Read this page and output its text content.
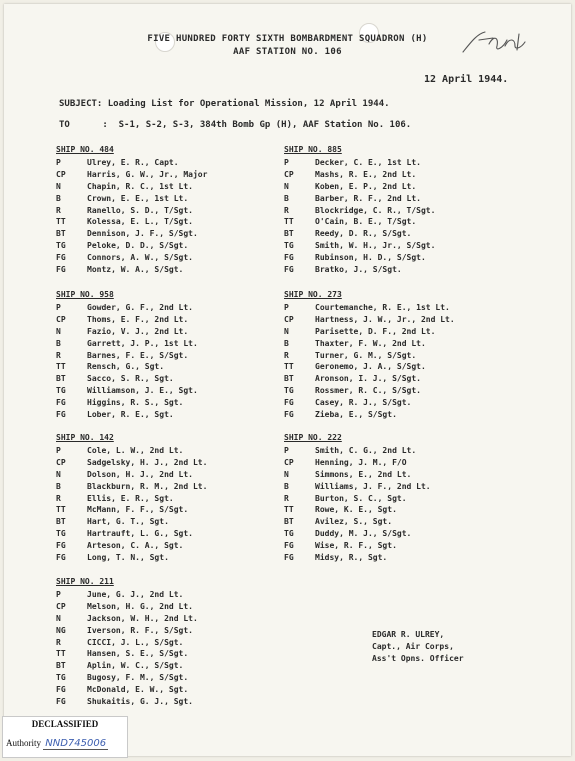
FIVE HUNDRED FORTY SIXTH BOMBARDMENT SQUADRON (H)
AAF STATION NO. 106
12 April 1944.
SUBJECT: Loading List for Operational Mission, 12 April 1944.
TO      :  S-1, S-2, S-3, 384th Bomb Gp (H), AAF Station No. 106.
SHIP NO. 484
P	Ulrey, E. R., Capt.
CP	Harris, G. W., Jr., Major
N	Chapin, R. C., 1st Lt.
B	Crown, E. E., 1st Lt.
R	Ranello, S. D., T/Sgt.
TT	Kolessa, E. L., T/Sgt.
BT	Dennison, J. F., S/Sgt.
TG	Peloke, D. D., S/Sgt.
FG	Connors, A. W., S/Sgt.
FG	Montz, W. A., S/Sgt.
SHIP NO. 885
P	Decker, C. E., 1st Lt.
CP	Mashs, R. E., 2nd Lt.
N	Koben, E. P., 2nd Lt.
B	Barber, R. F., 2nd Lt.
R	Blockridge, C. R., T/Sgt.
TT	O'Cain, B. E., T/Sgt.
BT	Reedy, D. R., S/Sgt.
TG	Smith, W. H., Jr., S/Sgt.
FG	Rubinson, H. D., S/Sgt.
FG	Bratko, J., S/Sgt.
SHIP NO. 958
P	Gowder, G. F., 2nd Lt.
CP	Thoms, E. F., 2nd Lt.
N	Fazio, V. J., 2nd Lt.
B	Garrett, J. P., 1st Lt.
R	Barnes, F. E., S/Sgt.
TT	Rensch, G., Sgt.
BT	Sacco, S. R., Sgt.
TG	Williamson, J. E., Sgt.
FG	Higgins, R. S., Sgt.
FG	Lober, R. E., Sgt.
SHIP NO. 273
P	Courtemanche, R. E., 1st Lt.
CP	Hartness, J. W., Jr., 2nd Lt.
N	Parisette, D. F., 2nd Lt.
B	Thaxter, F. W., 2nd Lt.
R	Turner, G. M., S/Sgt.
TT	Geronemo, J. A., S/Sgt.
BT	Aronson, I. J., S/Sgt.
TG	Rossmer, R. C., S/Sgt.
FG	Casey, R. J., S/Sgt.
FG	Zieba, E., S/Sgt.
SHIP NO. 142
P	Cole, L. W., 2nd Lt.
CP	Sadgelsky, H. J., 2nd Lt.
N	Dolson, H. J., 2nd Lt.
B	Blackburn, R. M., 2nd Lt.
R	Ellis, E. R., Sgt.
TT	McMann, F. F., S/Sgt.
BT	Hart, G. T., Sgt.
TG	Hartrauft, L. G., Sgt.
FG	Arteson, C. A., Sgt.
FG	Long, T. N., Sgt.
SHIP NO. 222
P	Smith, C. G., 2nd Lt.
CP	Henning, J. M., F/O
N	Simmons, E., 2nd Lt.
B	Williams, J. F., 2nd Lt.
R	Burton, S. C., Sgt.
TT	Rowe, K. E., Sgt.
BT	Avilez, S., Sgt.
TG	Duddy, M. J., S/Sgt.
FG	Wise, R. F., Sgt.
FG	Midsy, R., Sgt.
SHIP NO. 211
P	June, G. J., 2nd Lt.
CP	Melson, H. G., 2nd Lt.
N	Jackson, W. H., 2nd Lt.
NG	Iverson, R. F., S/Sgt.
R	CICCI, J. L., S/Sgt.
TT	Hansen, S. E., S/Sgt.
BT	Aplin, W. C., S/Sgt.
TG	Bugosy, F. M., S/Sgt.
FG	McDonald, E. W., Sgt.
FG	Shukaitis, G. J., Sgt.
EDGAR R. ULREY,
Capt., Air Corps,
Ass't Opns. Officer
DECLASSIFIED
Authority NND745006
